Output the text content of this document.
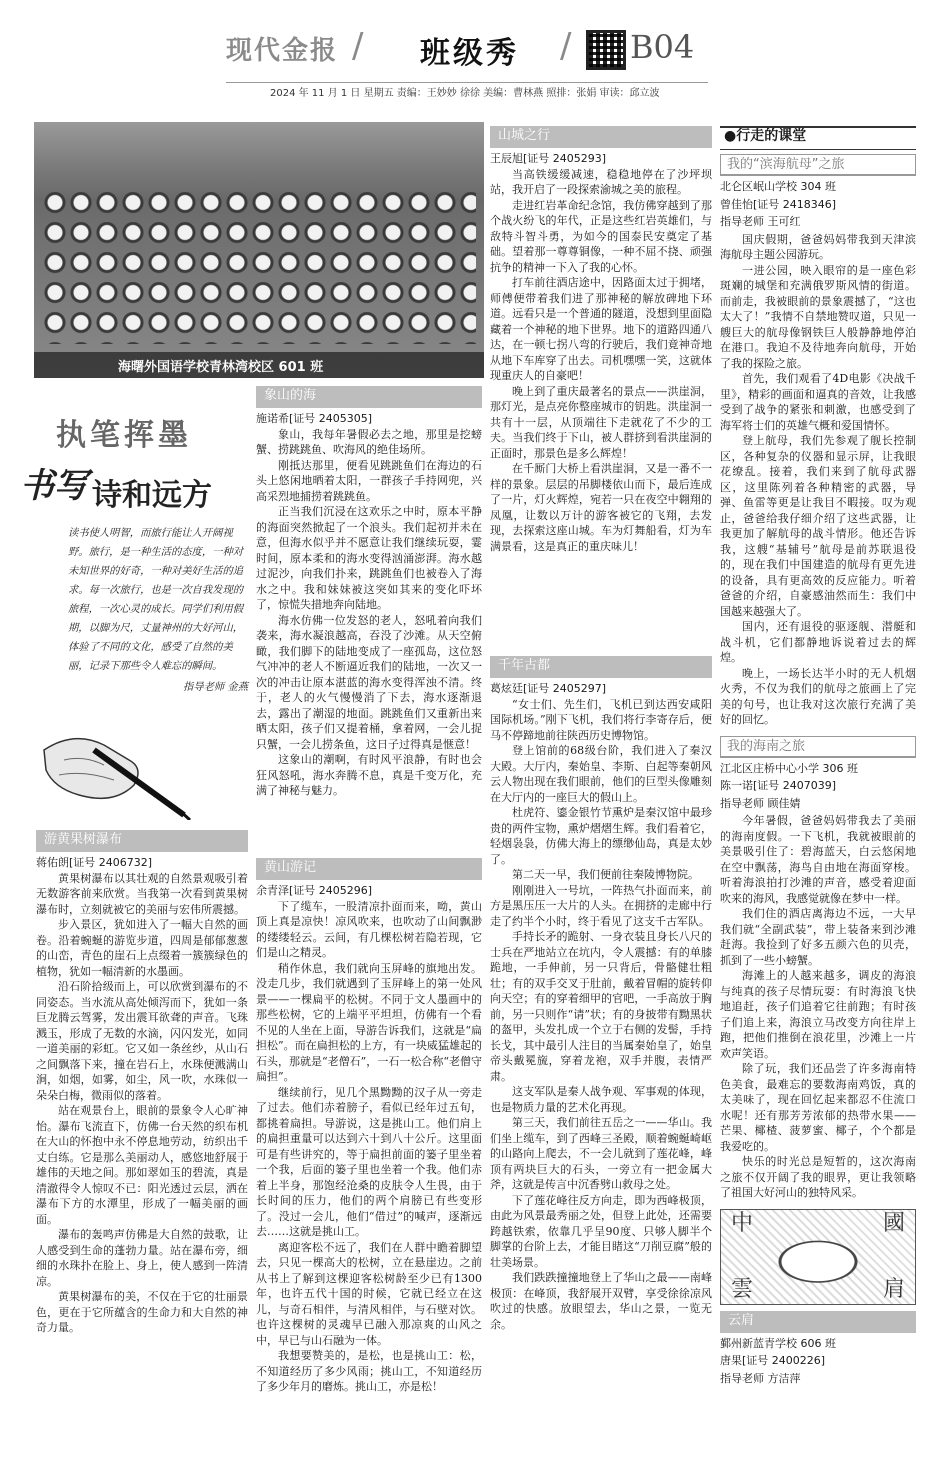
现代金报 / 班级秀 / B04
2024 年 11 月 1 日 星期五 责编：王妙妙 徐徐 美编：曹林燕 照排：张娟 审读：邱立波
海曙外国语学校青林湾校区 601 班
执笔挥墨
书写 诗和远方
读书使人明智，而旅行能让人开阔视野。旅行，是一种生活的态度，一种对未知世界的好奇，一种对美好生活的追求。每一次旅行，也是一次自我发现的旅程，一次心灵的成长。同学们利用假期，以脚为尺，丈量神州的大好河山，体验了不同的文化，感受了自然的美丽，记录下那些令人难忘的瞬间。
指导老师 金燕
游黄果树瀑布

蒋佑朗[证号 2406732]

黄果树瀑布以其壮观的自然景观吸引着无数游客前来欣赏。当我第一次看到黄果树瀑布时，立刻就被它的美丽与宏伟所震撼。

步入景区，犹如进入了一幅大自然的画卷。沿着蜿蜒的游览步道，四周是郁郁葱葱的山峦，青色的崖石上点缀着一簇簇绿色的植物，犹如一幅清新的水墨画。

沿石阶拾级而上，可以欣赏到瀑布的不同姿态。当水流从高处倾泻而下，犹如一条巨龙腾云驾雾，发出震耳欲聋的声音。飞珠溅玉，形成了无数的水滴，闪闪发光，如同一道美丽的彩虹。它又如一条丝纱，从山石之间飘落下来，撞在岩石上，水珠便溅满山涧，如烟，如雾，如尘，风一吹，水珠似一朵朵白梅，微雨似的落着。

站在观景台上，眼前的景象令人心旷神怡。瀑布飞流直下，仿佛一台天然的织布机在大山的怀抱中永不停息地劳动，纺织出千丈白练。它是那么美丽动人，感悠地舒展于雄伟的天地之间。那如翠如玉的碧流，真是清澈得令人惊叹不已：阳光透过云层，洒在瀑布下方的水潭里，形成了一幅美丽的画面。

瀑布的轰鸣声仿佛是大自然的鼓歌，让人感受到生命的蓬勃力量。站在瀑布旁，细细的水珠扑在脸上、身上，使人感到一阵清凉。

黄果树瀑布的美，不仅在于它的壮丽景色，更在于它所蕴含的生命力和大自然的神奇力量。

象山的海

施诺希[证号 2405305]

象山，我每年暑假必去之地，那里是挖螃蟹、捞跳跳鱼、吹海风的绝佳场所。

刚抵达那里，便看见跳跳鱼们在海边的石头上悠闲地晒着太阳，一群孩子手持网兜，兴高采烈地捕捞着跳跳鱼。

正当我们沉浸在这欢乐之中时，原本平静的海面突然掀起了一个浪头。我们起初并未在意，但海水似乎并不愿意让我们继续玩耍，霎时间，原本柔和的海水变得汹涌澎湃。海水越过泥沙，向我们扑来，跳跳鱼们也被卷入了海水之中。我和妹妹被这突如其来的变化吓坏了，惊慌失措地奔向陆地。

海水仿佛一位发怒的老人，怒吼着向我们袭来，海水凝浪越高，吞没了沙滩。从天空俯瞰，我们脚下的陆地变成了一座孤岛，这位怒气冲冲的老人不断逼近我们的陆地，一次又一次的冲击让原本湛蓝的海水变得浑浊不清。终于，老人的火气慢慢消了下去，海水逐渐退去，露出了潮湿的地面。跳跳鱼们又重新出来晒太阳，孩子们又提着桶，拿着网，一会儿捉只蟹，一会儿捞条鱼，这日子过得真是惬意！

这象山的潮啊，有时风平浪静，有时也会狂风怒吼，海水奔腾不息，真是千变万化，充满了神秘与魅力。

黄山游记

余青泽[证号 2405296]

下了缆车，一股清凉扑面而来，呦，黄山顶上真是凉快！凉风吹来，也吹动了山间飘渺的缕缕轻云。云间，有几棵松树若隐若现，它们是山之精灵。

稍作休息，我们就向玉屏峰的旗地出发。没走几步，我们就遇到了玉屏峰上的第一处风景——一棵扁平的松树。不同于文人墨画中的那些松树，它的上端平平坦坦，仿佛有一个看不见的人坐在上面，导游告诉我们，这就是“扁担松”。而在扁担松的上方，有一块威猛雄起的石头，那就是“老僧石”，一石一松合称“老僧守扁担”。

继续前行，见几个黑黝黝的汉子从一旁走了过去。他们赤着膀子，看似已经年过五旬，都挑着扁担。导游说，这是挑山工。他们肩上的扁担重量可以达到六十到八十公斤。这里面可是有些讲究的，等于扁担前面的篓子里坐着一个我，后面的篓子里也坐着一个我。他们赤着上半身，那饱经沧桑的皮肤令人生畏，由于长时间的压力，他们的两个肩膀已有些变形了。没过一会儿，他们“借过”的喊声，逐渐远去……这就是挑山工。

离迎客松不远了，我们在人群中瞻着脚望去，只见一棵高大的松树，立在悬崖边。之前从书上了解到这棵迎客松树龄至少已有1300年，也许五代十国的时候，它就已经立在这儿，与奇石相伴，与清风相伴，与石壁对饮。也许这棵树的灵魂早已融入那凉爽的山风之中，早已与山石融为一体。

我想要赞美的，是松，也是挑山工：松，不知道经历了多少风雨；挑山工，不知道经历了多少年月的磨炼。挑山工，亦是松！

山城之行

王辰旭[证号 2405293]

当高铁缓缓减速，稳稳地停在了沙坪坝站，我开启了一段探索渝城之美的旅程。

走进红岩革命纪念馆，我仿佛穿越到了那个战火纷飞的年代，正是这些红岩英雄们，与敌特斗智斗勇，为如今的国泰民安奠定了基础。望着那一尊尊铜像，一种不屈不挠、顽强抗争的精神一下入了我的心怀。

打车前往酒店途中，因路面太过于拥堵，师傅便带着我们进了那神秘的解放碑地下环道。远看只是一个普通的隧道，没想到里面隐藏着一个神秘的地下世界。地下的道路四通八达，在一顿七拐八弯的行驶后，我们竟神奇地从地下车库穿了出去。司机嘿嘿一笑，这就体现重庆人的自豪吧！

晚上到了重庆最著名的景点——洪崖洞，那灯光，是点亮你整座城市的钥匙。洪崖洞一共有十一层，从顶端往下走就花了不少的工夫。当我们终于下山，被人群挤到看洪崖洞的正面时，那景色是多么辉煌！

在千厮门大桥上看洪崖洞，又是一番不一样的景象。层层的吊脚楼依山而下，最后连成了一片，灯火辉煌，宛若一只在夜空中翱翔的凤凰，让数以万计的游客被它的飞翔，去发现，去探索这座山城。车为灯舞船看，灯为车满景看，这是真正的重庆味儿！

千年古都

葛炫廷[证号 2405297]

“女士们、先生们，飞机已到达西安咸阳国际机场。”刚下飞机，我们将行李寄存后，便马不停蹄地前往陕西历史博物馆。

登上馆前的68级台阶，我们进入了秦汉大殿。大厅内，秦始皇、李斯、白起等秦朝风云人物出现在我们眼前，他们的巨型头像雕刻在大厅内的一座巨大的假山上。

杜虎符、鎏金银竹节熏炉是秦汉馆中最珍贵的两件宝物，熏炉熠熠生辉。我们看着它，轻烟袅袅，仿佛大海上的缥缈仙岛，真是太妙了。

第二天一早，我们便前往秦陵博物院。

刚刚进入一号坑，一阵热气扑面而来，前方是黑压压一大片的人头。在拥挤的走廊中行走了约半个小时，终于看见了这支千古军队。

手持长矛的跪射、一身衣装且身长八尺的士兵在严地站立在坑内，令人震撼：有的单膝跪地，一手伸前，另一只背后，骨骼健壮粗壮；有的双手交叉于肚前，戴着冒帽的旋转仰向天空；有的穿着细甲的官吧，一手高放于胸前，另一只则作“请”状；有的身披带有黝黑状的盔甲，头发扎成一个立于右侧的发髻，手持长戈，其中最引人注目的当属秦始皇了，始皇帝头戴冕旒，穿着龙袍，双手并腹，表情严肃。

这支军队是秦人战争观、军事观的体现，也是物质力量的艺术化再现。

第三天，我们前往五岳之一——华山。我们坐上缆车，到了西峰三圣殿，顺着蜿蜒崎岖的山路向上爬去，不一会儿就到了莲花峰，峰顶有两块巨大的石头，一旁立有一把金属大斧，这就是传言中沉香劈山救母之处。

下了莲花峰往反方向走，即为西峰极顶，由此为风景最秀丽之处，但登上此处，还需要跨越铁索，依靠几乎呈90度、只够人脚半个脚掌的台阶上去，才能目睹这“刀削豆腐”般的壮美场景。

我们跌跌撞撞地登上了华山之最——南峰极顶：在峰顶，我舒展开双臂，享受徐徐凉风吹过的快感。放眼望去，华山之景，一览无余。

●行走的课堂
我的“滨海航母”之旅

北仑区岷山学校 304 班

曾佳怡[证号 2418346]

指导老师 王可红

国庆假期，爸爸妈妈带我到天津滨海航母主题公园游玩。

一进公园，映入眼帘的是一座色彩斑斓的城堡和充满俄罗斯风情的街道。而前走，我被眼前的景象震撼了，“这也太大了！”我情不自禁地赞叹道，只见一艘巨大的航母像钢铁巨人般静静地停泊在港口。我迫不及待地奔向航母，开始了我的探险之旅。

首先，我们观看了4D电影《决战千里》，精彩的画面和逼真的音效，让我感受到了战争的紧张和刺激，也感受到了海军将士们的英雄气概和爱国情怀。

登上航母，我们先参观了舰长控制区，各种复杂的仪器和显示屏，让我眼花缭乱。接着，我们来到了航母武器区，这里陈列着各种精密的武器，导弹、鱼雷等更是让我目不暇接。叹为观止，爸爸给我仔细介绍了这些武器，让我更加了解航母的战斗情形。他还告诉我，这艘“基辅号”航母是前苏联退役的，现在我们中国建造的航母有更先进的设备，具有更高效的反应能力。听着爸爸的介绍，自豪感油然而生：我们中国越来越强大了。

国内，还有退役的驱逐舰、潜艇和战斗机，它们都静地诉说着过去的辉煌。

晚上，一场长达半小时的无人机烟火秀，不仅为我们的航母之旅画上了完美的句号，也让我对这次旅行充满了美好的回忆。

我的海南之旅

江北区庄桥中心小学 306 班

陈一诺[证号 2407039]

指导老师 顾佳婧

今年暑假，爸爸妈妈带我去了美丽的海南度假。一下飞机，我就被眼前的美景吸引住了：碧海蓝天，白云悠闲地在空中飘荡，海鸟自由地在海面穿梭。听着海浪拍打沙滩的声音，感受着迎面吹来的海风，我感觉就像在梦中一样。

我们住的酒店离海边不远，一大早我们就“全副武装”，带上装备来到沙滩赶海。我捡到了好多五颜六色的贝壳，抓到了一些小螃蟹。

海滩上的人越来越多，调皮的海浪与纯真的孩子尽情玩耍：有时海浪飞快地追赶，孩子们追着它往前跑；有时孩子们追上来，海浪立马改变方向往岸上跑，把他们推倒在浪花里，沙滩上一片欢声笑语。

除了玩，我们还品尝了许多海南特色美食，最难忘的要数海南鸡饭，真的太美味了，现在回忆起来都忍不住流口水呢！还有那芳芳浓郁的热带水果——芒果、椰楂、菠萝蜜、椰子，个个都是我爱吃的。

快乐的时光总是短暂的，这次海南之旅不仅开阔了我的眼界，更让我领略了祖国大好河山的独特风采。

中	國
雲	肩
云肩

鄞州新蓝青学校 606 班

唐果[证号 2400226]

指导老师 方洁萍
